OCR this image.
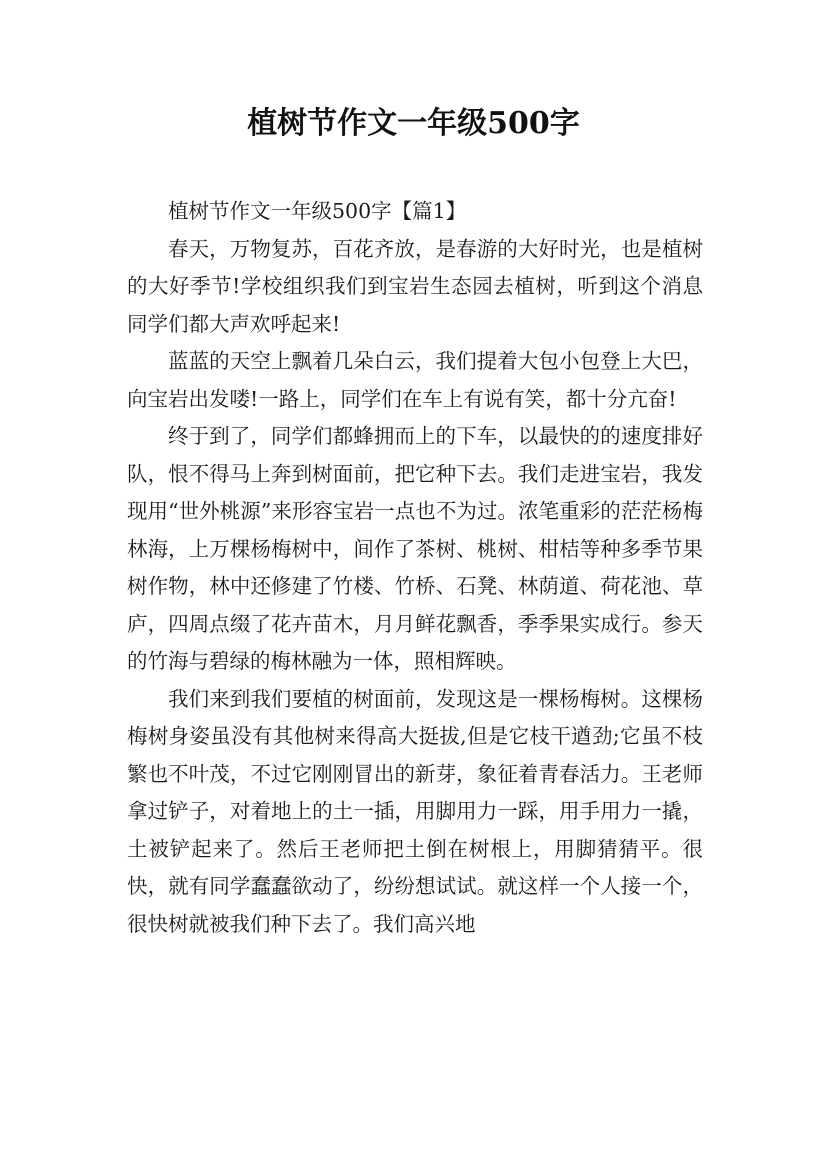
植树节作文一年级500字

植树节作文一年级500字【篇1】

春天，万物复苏，百花齐放，是春游的大好时光，也是植树的大好季节!学校组织我们到宝岩生态园去植树，听到这个消息同学们都大声欢呼起来!

蓝蓝的天空上飘着几朵白云，我们提着大包小包登上大巴，向宝岩出发喽!一路上，同学们在车上有说有笑，都十分亢奋!

终于到了，同学们都蜂拥而上的下车，以最快的的速度排好队，恨不得马上奔到树面前，把它种下去。我们走进宝岩，我发现用“世外桃源”来形容宝岩一点也不为过。浓笔重彩的茫茫杨梅林海，上万棵杨梅树中，间作了茶树、桃树、柑桔等种多季节果树作物，林中还修建了竹楼、竹桥、石凳、林荫道、荷花池、草庐，四周点缀了花卉苗木，月月鲜花飘香，季季果实成行。参天的竹海与碧绿的梅林融为一体，照相辉映。

我们来到我们要植的树面前，发现这是一棵杨梅树。这棵杨梅树身姿虽没有其他树来得高大挺拔,但是它枝干遒劲;它虽不枝繁也不叶茂，不过它刚刚冒出的新芽，象征着青春活力。王老师拿过铲子，对着地上的土一插，用脚用力一踩，用手用力一撬，土被铲起来了。然后王老师把土倒在树根上，用脚猜猜平。很快，就有同学蠢蠢欲动了，纷纷想试试。就这样一个人接一个，很快树就被我们种下去了。我们高兴地
